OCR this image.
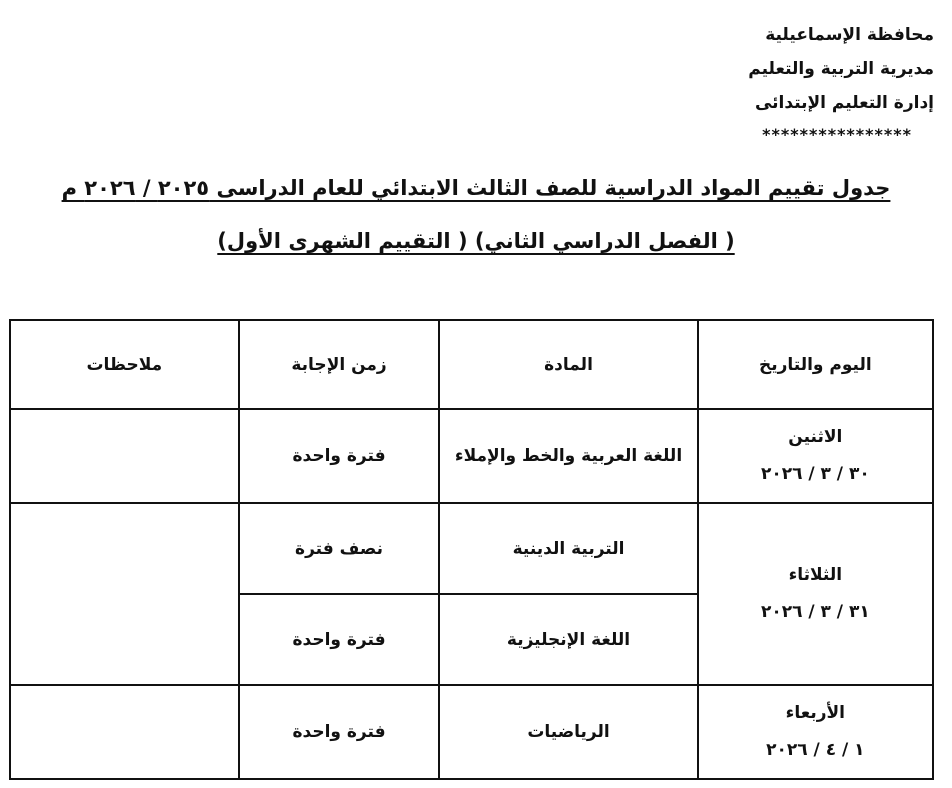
محافظة الإسماعيلية
مديرية التربية والتعليم
إدارة التعليم الإبتدائى
****************
جدول تقييم المواد الدراسية للصف الثالث الابتدائي للعام الدراسى ٢٠٢٥ / ٢٠٢٦ م
( الفصل الدراسي الثاني) ( التقييم الشهرى الأول)
اليوم والتاريخ	المادة	زمن الإجابة	ملاحظات

الاثنين
٣٠ / ٣ / ٢٠٢٦	اللغة العربية والخط والإملاء	فترة واحدة	

الثلاثاء
٣١ / ٣ / ٢٠٢٦	التربية الدينية	نصف فترة	
	اللغة الإنجليزية	فترة واحدة	

الأربعاء
١ / ٤ / ٢٠٢٦	الرياضيات	فترة واحدة	
